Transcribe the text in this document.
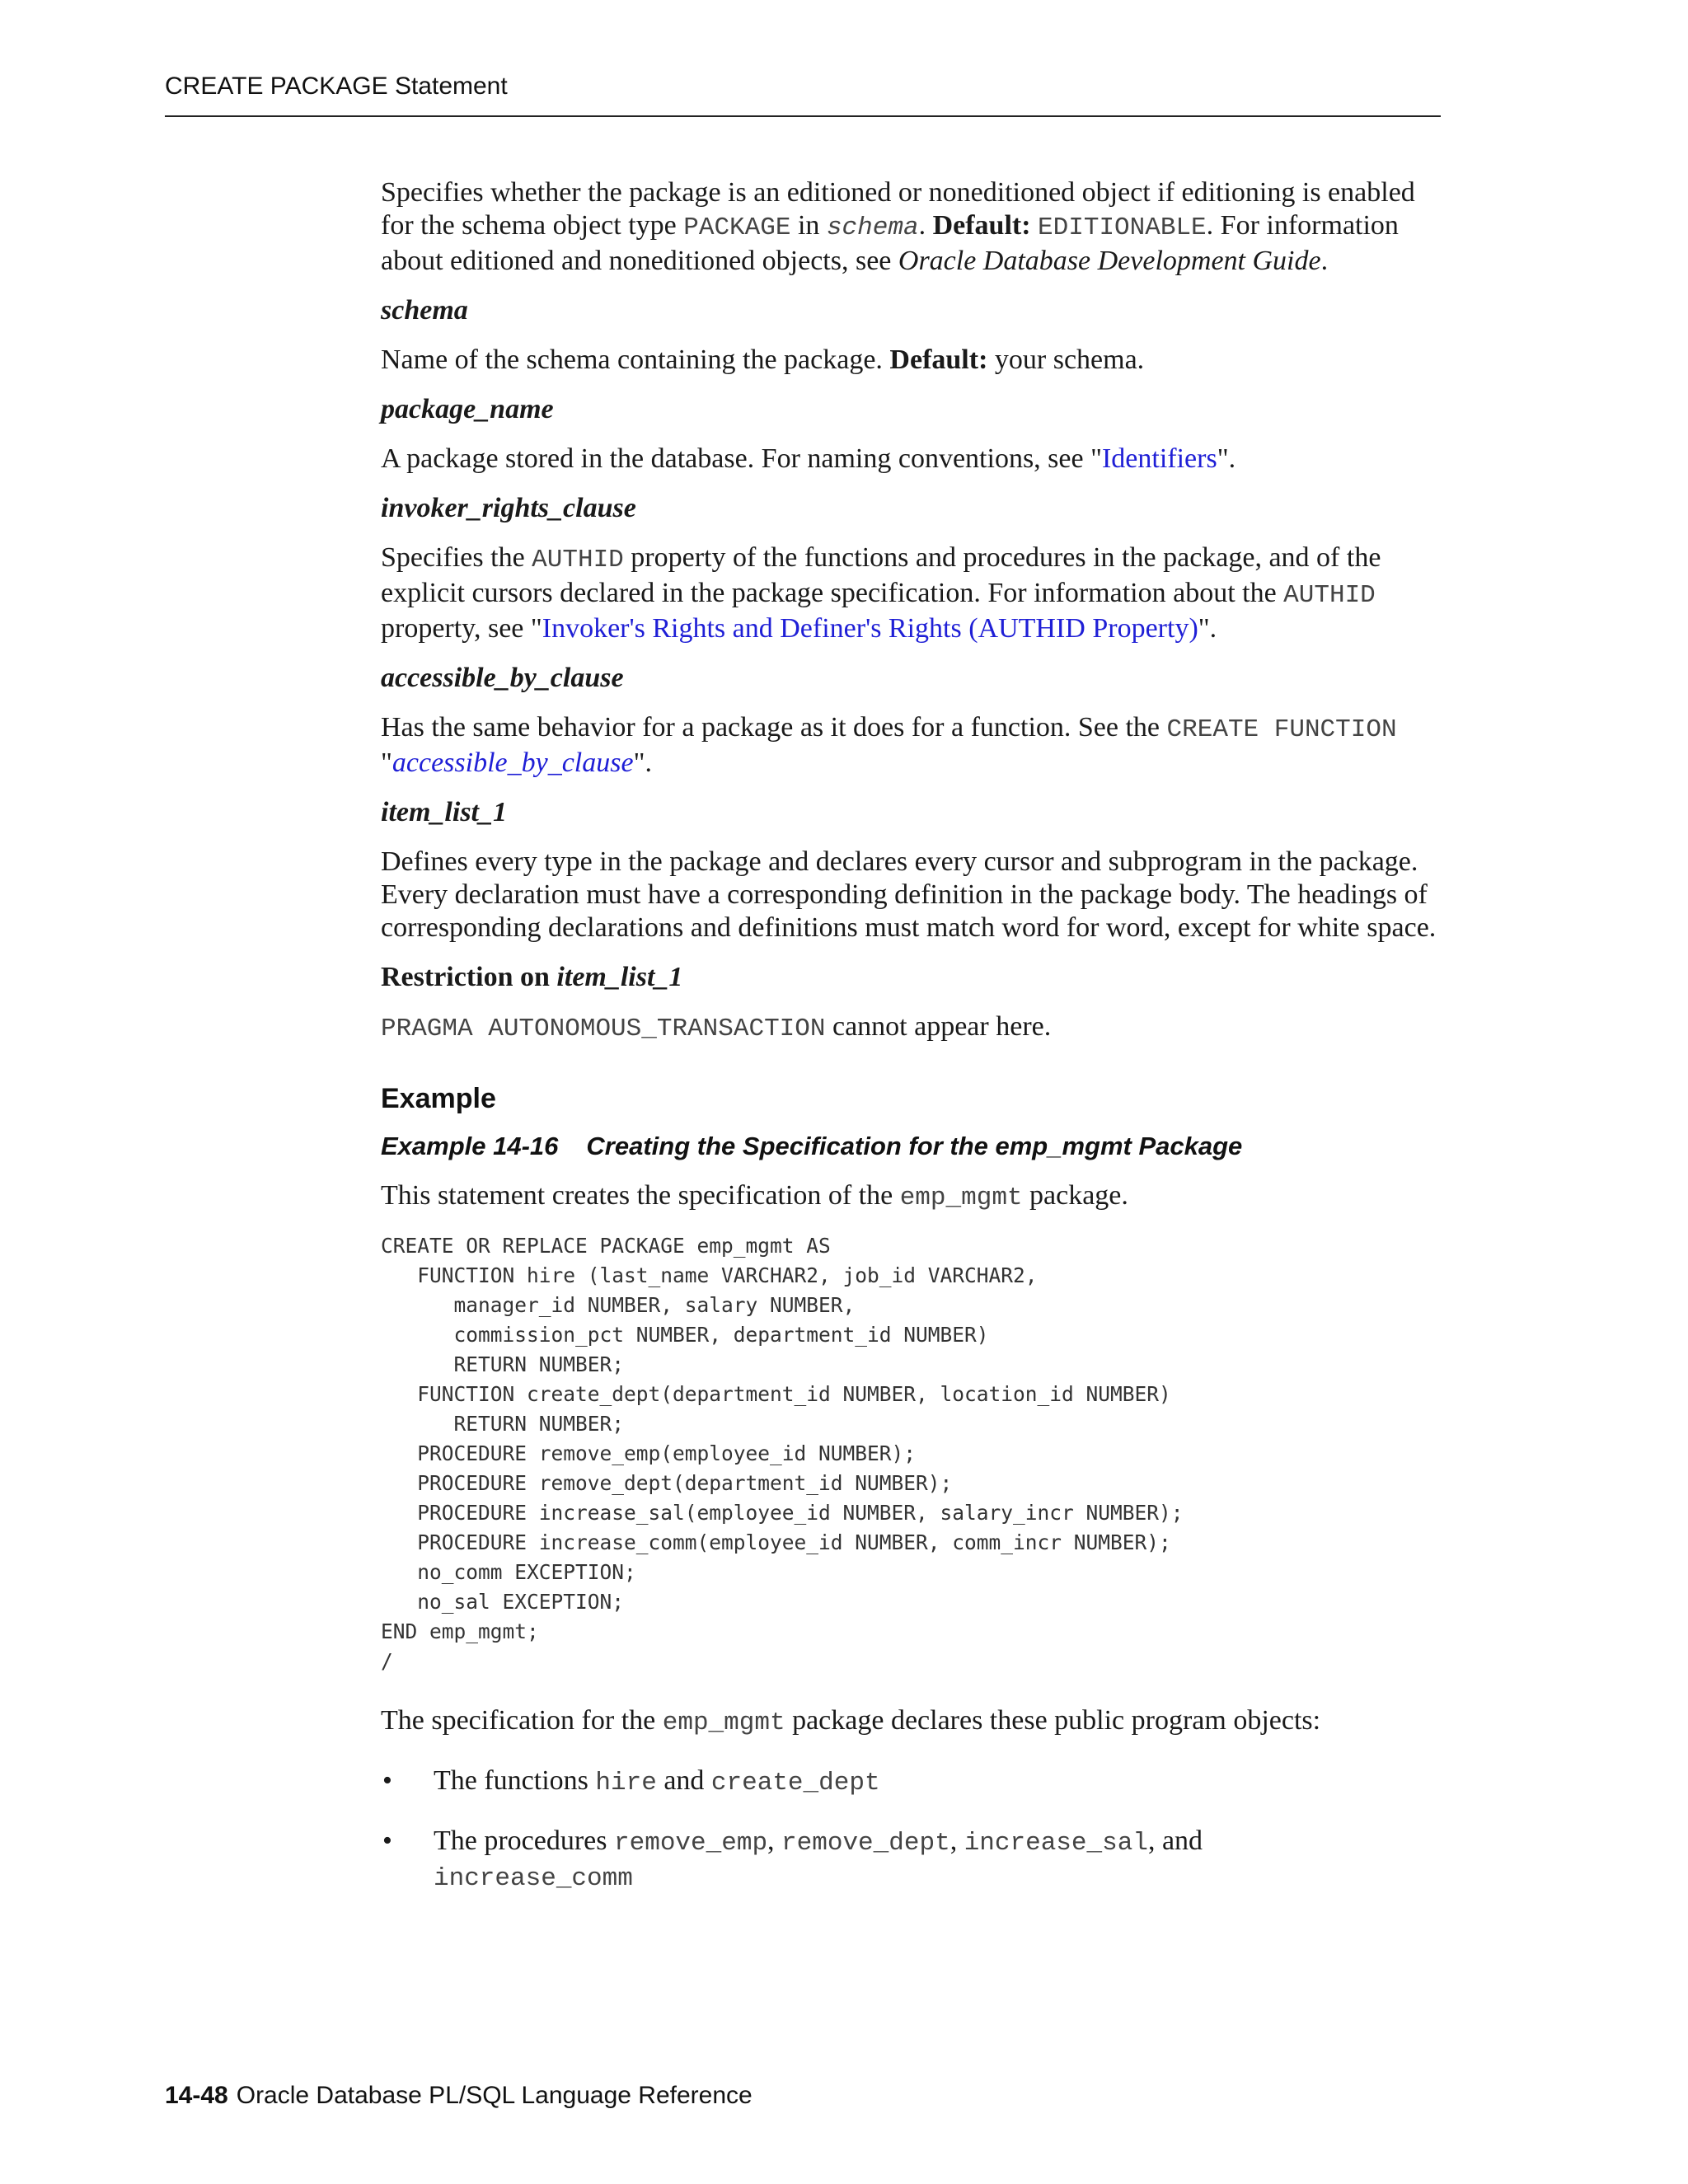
CREATE PACKAGE Statement

Specifies whether the package is an editioned or noneditioned object if editioning is enabled for the schema object type PACKAGE in schema. Default: EDITIONABLE. For information about editioned and noneditioned objects, see Oracle Database Development Guide.

schema

Name of the schema containing the package. Default: your schema.

package_name

A package stored in the database. For naming conventions, see "Identifiers".

invoker_rights_clause

Specifies the AUTHID property of the functions and procedures in the package, and of the explicit cursors declared in the package specification. For information about the AUTHID property, see "Invoker's Rights and Definer's Rights (AUTHID Property)".

accessible_by_clause

Has the same behavior for a package as it does for a function. See the CREATE FUNCTION "accessible_by_clause".

item_list_1

Defines every type in the package and declares every cursor and subprogram in the package. Every declaration must have a corresponding definition in the package body. The headings of corresponding declarations and definitions must match word for word, except for white space.

Restriction on item_list_1

PRAGMA AUTONOMOUS_TRANSACTION cannot appear here.

Example

Example 14-16 Creating the Specification for the emp_mgmt Package

This statement creates the specification of the emp_mgmt package.

CREATE OR REPLACE PACKAGE emp_mgmt AS
FUNCTION hire (last_name VARCHAR2, job_id VARCHAR2,
manager_id NUMBER, salary NUMBER,
commission_pct NUMBER, department_id NUMBER)
RETURN NUMBER;
FUNCTION create_dept(department_id NUMBER, location_id NUMBER)
RETURN NUMBER;
PROCEDURE remove_emp(employee_id NUMBER);
PROCEDURE remove_dept(department_id NUMBER);
PROCEDURE increase_sal(employee_id NUMBER, salary_incr NUMBER);
PROCEDURE increase_comm(employee_id NUMBER, comm_incr NUMBER);
no_comm EXCEPTION;
no_sal EXCEPTION;
END emp_mgmt;
/

The specification for the emp_mgmt package declares these public program objects:

• The functions hire and create_dept
• The procedures remove_emp, remove_dept, increase_sal, and
increase_comm
14-48 Oracle Database PL/SQL Language Reference
